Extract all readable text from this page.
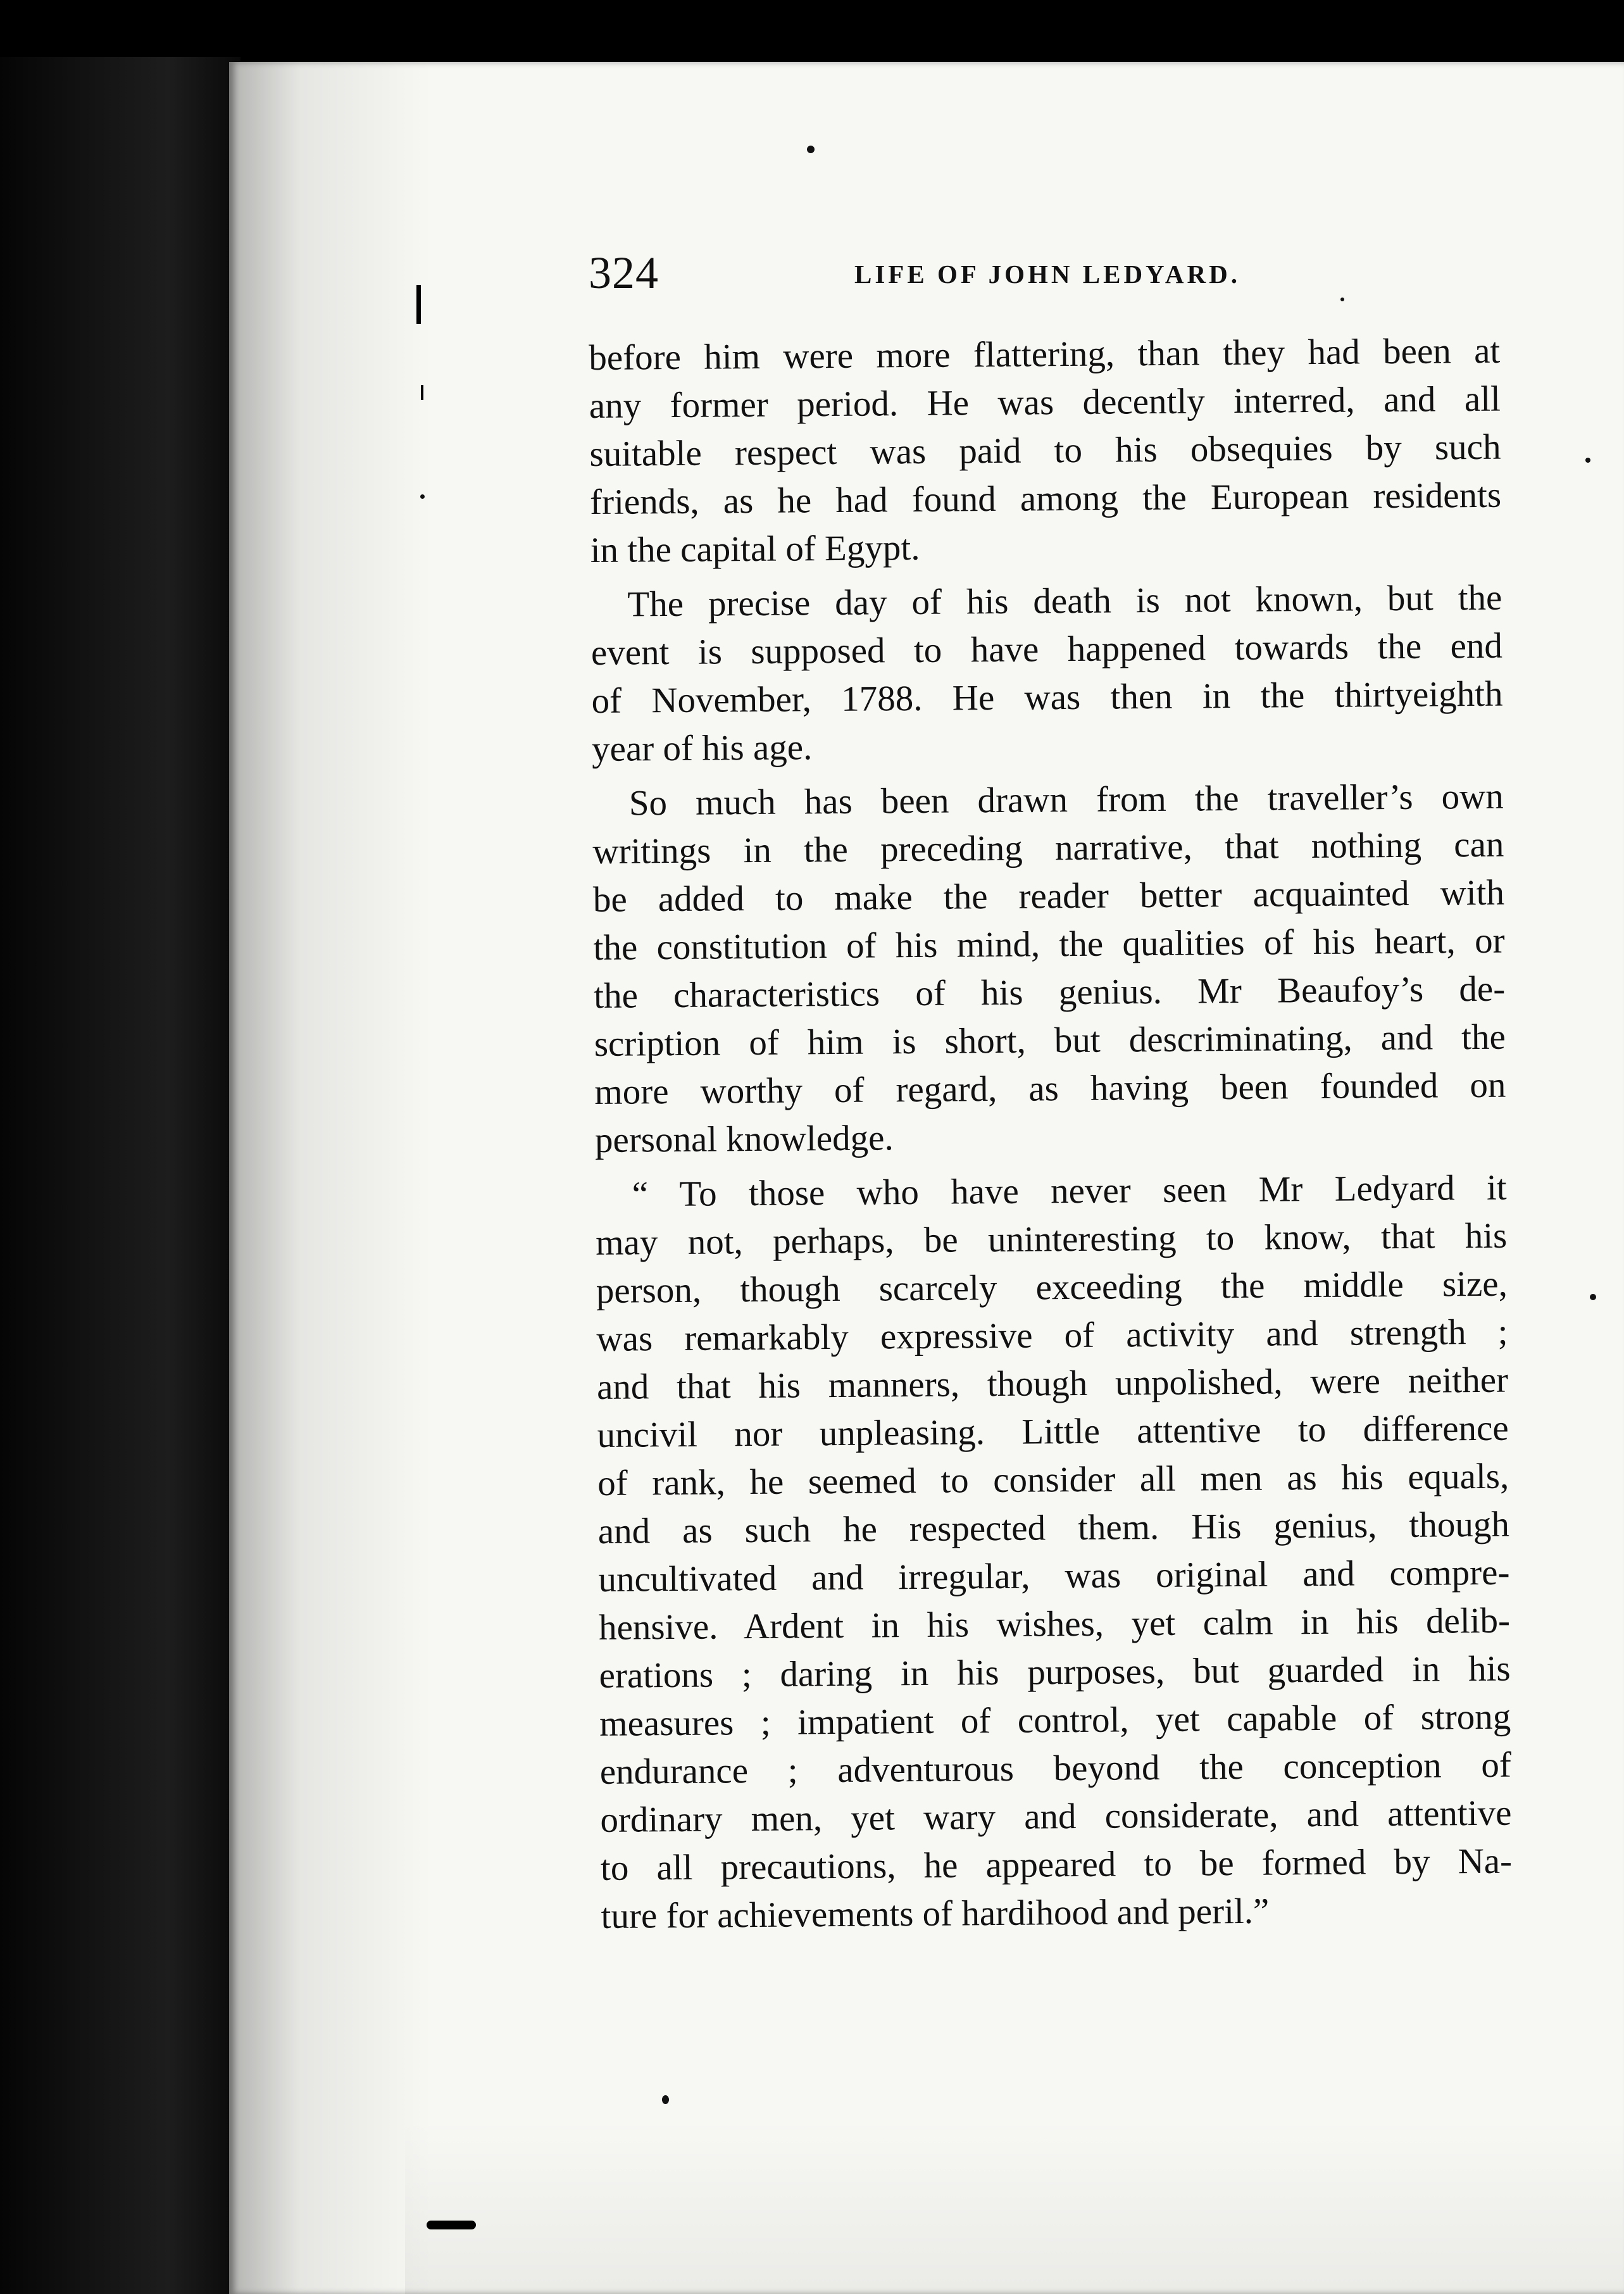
324	LIFE OF JOHN LEDYARD.
before him were more flattering, than they had been at
any former period. He was decently interred, and all
suitable respect was paid to his obsequies by such
friends, as he had found among the European residents
in the capital of Egypt.
The precise day of his death is not known, but the
event is supposed to have happened towards the end
of November, 1788. He was then in the thirtyeighth
year of his age.
So much has been drawn from the traveller’s own
writings in the preceding narrative, that nothing can
be added to make the reader better acquainted with
the constitution of his mind, the qualities of his heart, or
the characteristics of his genius. Mr Beaufoy’s de-
scription of him is short, but descriminating, and the
more worthy of regard, as having been founded on
personal knowledge.
“ To those who have never seen Mr Ledyard it
may not, perhaps, be uninteresting to know, that his
person, though scarcely exceeding the middle size,
was remarkably expressive of activity and strength ;
and that his manners, though unpolished, were neither
uncivil nor unpleasing. Little attentive to difference
of rank, he seemed to consider all men as his equals,
and as such he respected them. His genius, though
uncultivated and irregular, was original and compre-
hensive. Ardent in his wishes, yet calm in his delib-
erations ; daring in his purposes, but guarded in his
measures ; impatient of control, yet capable of strong
endurance ; adventurous beyond the conception of
ordinary men, yet wary and considerate, and attentive
to all precautions, he appeared to be formed by Na-
ture for achievements of hardihood and peril.”
